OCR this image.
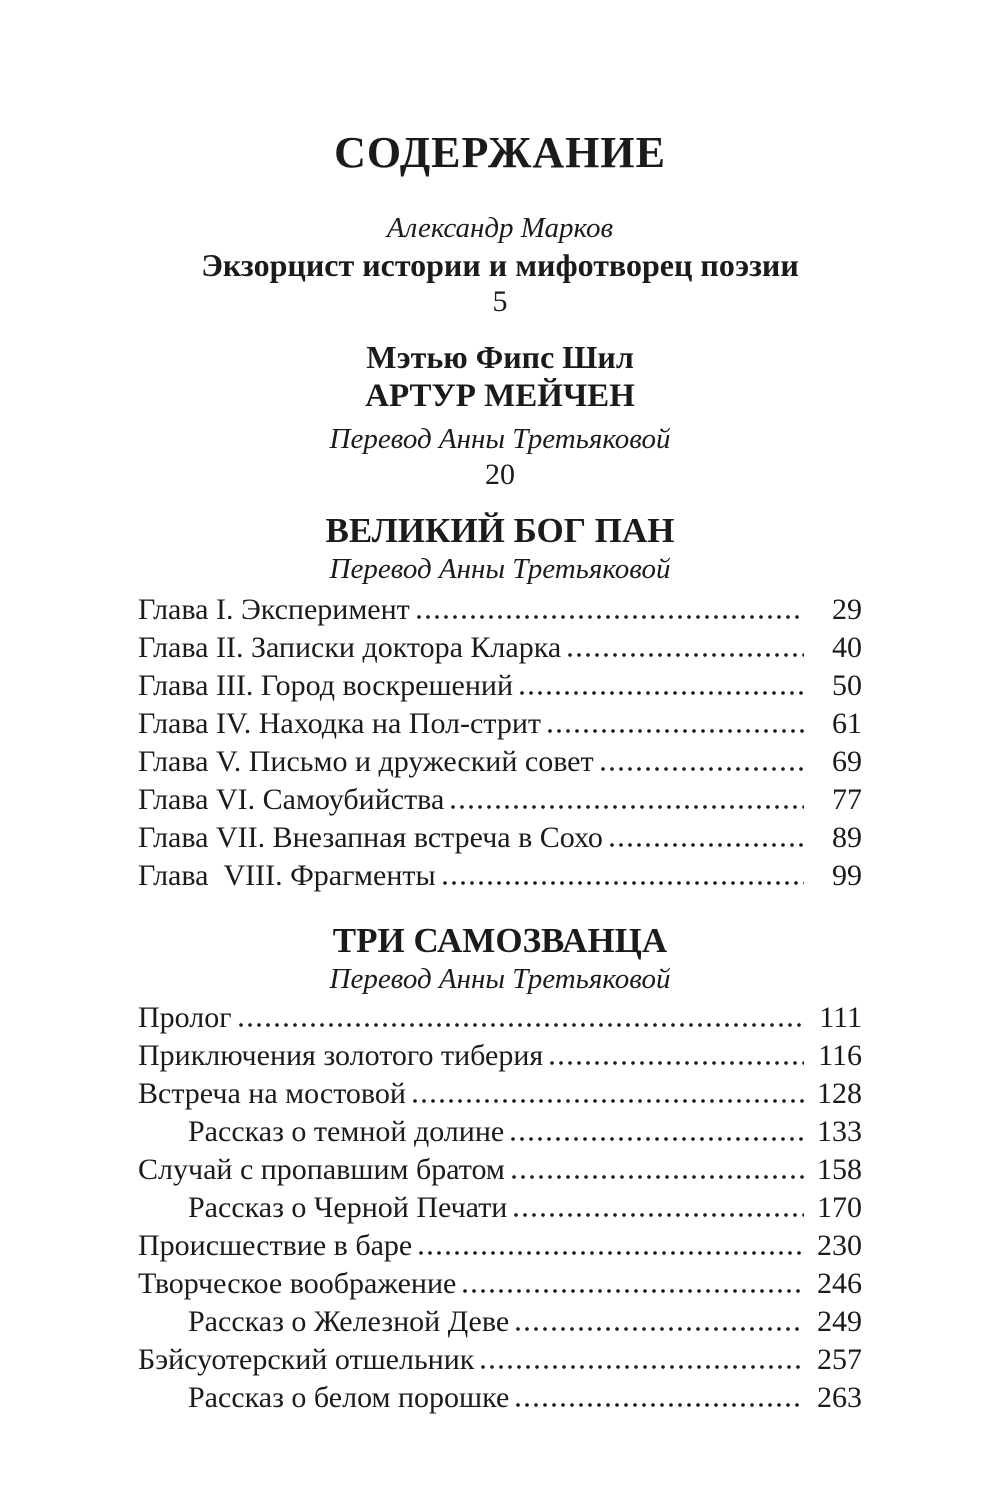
СОДЕРЖАНИЕ
Александр Марков
Экзорцист истории и мифотворец поэзии
5
Мэтью Фипс Шил
АРТУР МЕЙЧЕН
Перевод Анны Третьяковой
20
ВЕЛИКИЙ БОГ ПАН
Перевод Анны Третьяковой
Глава I. Эксперимент	29
Глава II. Записки доктора Кларка	40
Глава III. Город воскрешений	50
Глава IV. Находка на Пол-стрит	61
Глава V. Письмо и дружеский совет	69
Глава VI. Самоубийства	77
Глава VII. Внезапная встреча в Сохо	89
Глава  VIII. Фрагменты	99
ТРИ САМОЗВАНЦА
Перевод Анны Третьяковой
Пролог	111
Приключения золотого тиберия	116
Встреча на мостовой	128
Рассказ о темной долине	133
Случай с пропавшим братом	158
Рассказ о Черной Печати	170
Происшествие в баре	230
Творческое воображение	246
Рассказ о Железной Деве	249
Бэйсуотерский отшельник	257
Рассказ о белом порошке	263
